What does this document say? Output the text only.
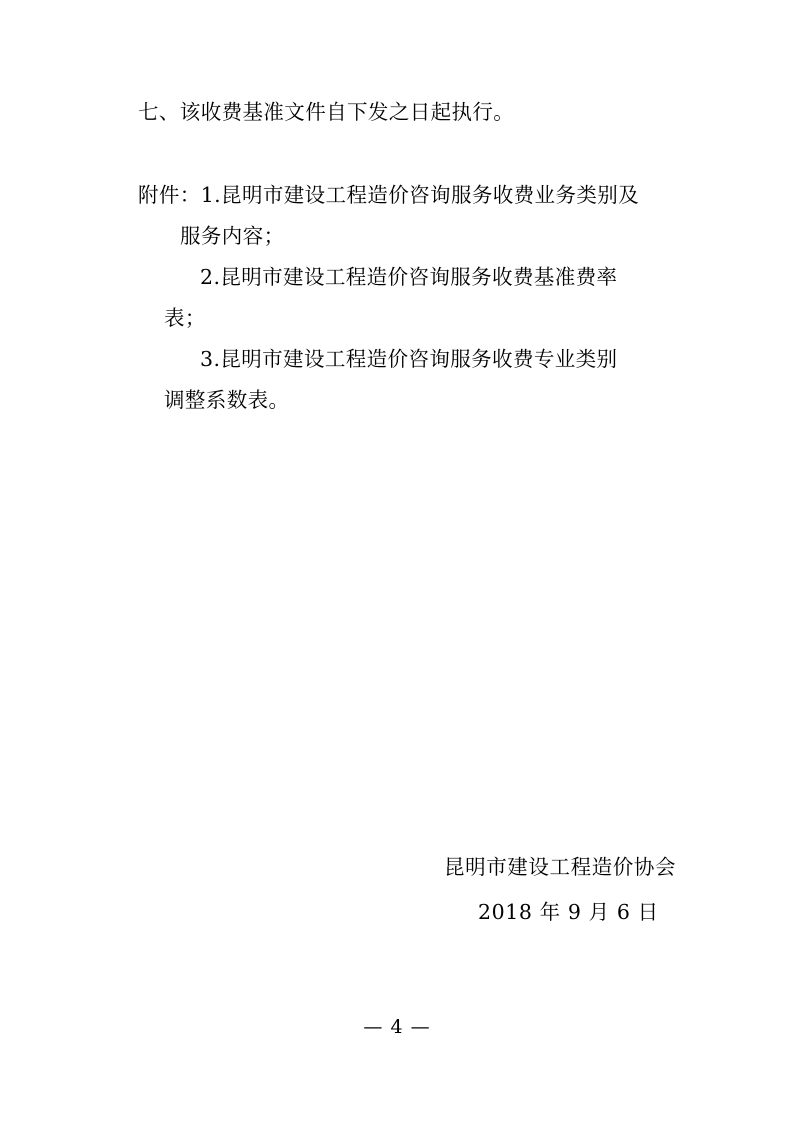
七、该收费基准文件自下发之日起执行。

附件：1.昆明市建设工程造价咨询服务收费业务类别及

服务内容；

2.昆明市建设工程造价咨询服务收费基准费率

表；

3.昆明市建设工程造价咨询服务收费专业类别

调整系数表。

昆明市建设工程造价协会

2018 年 9 月 6 日

— 4 —
